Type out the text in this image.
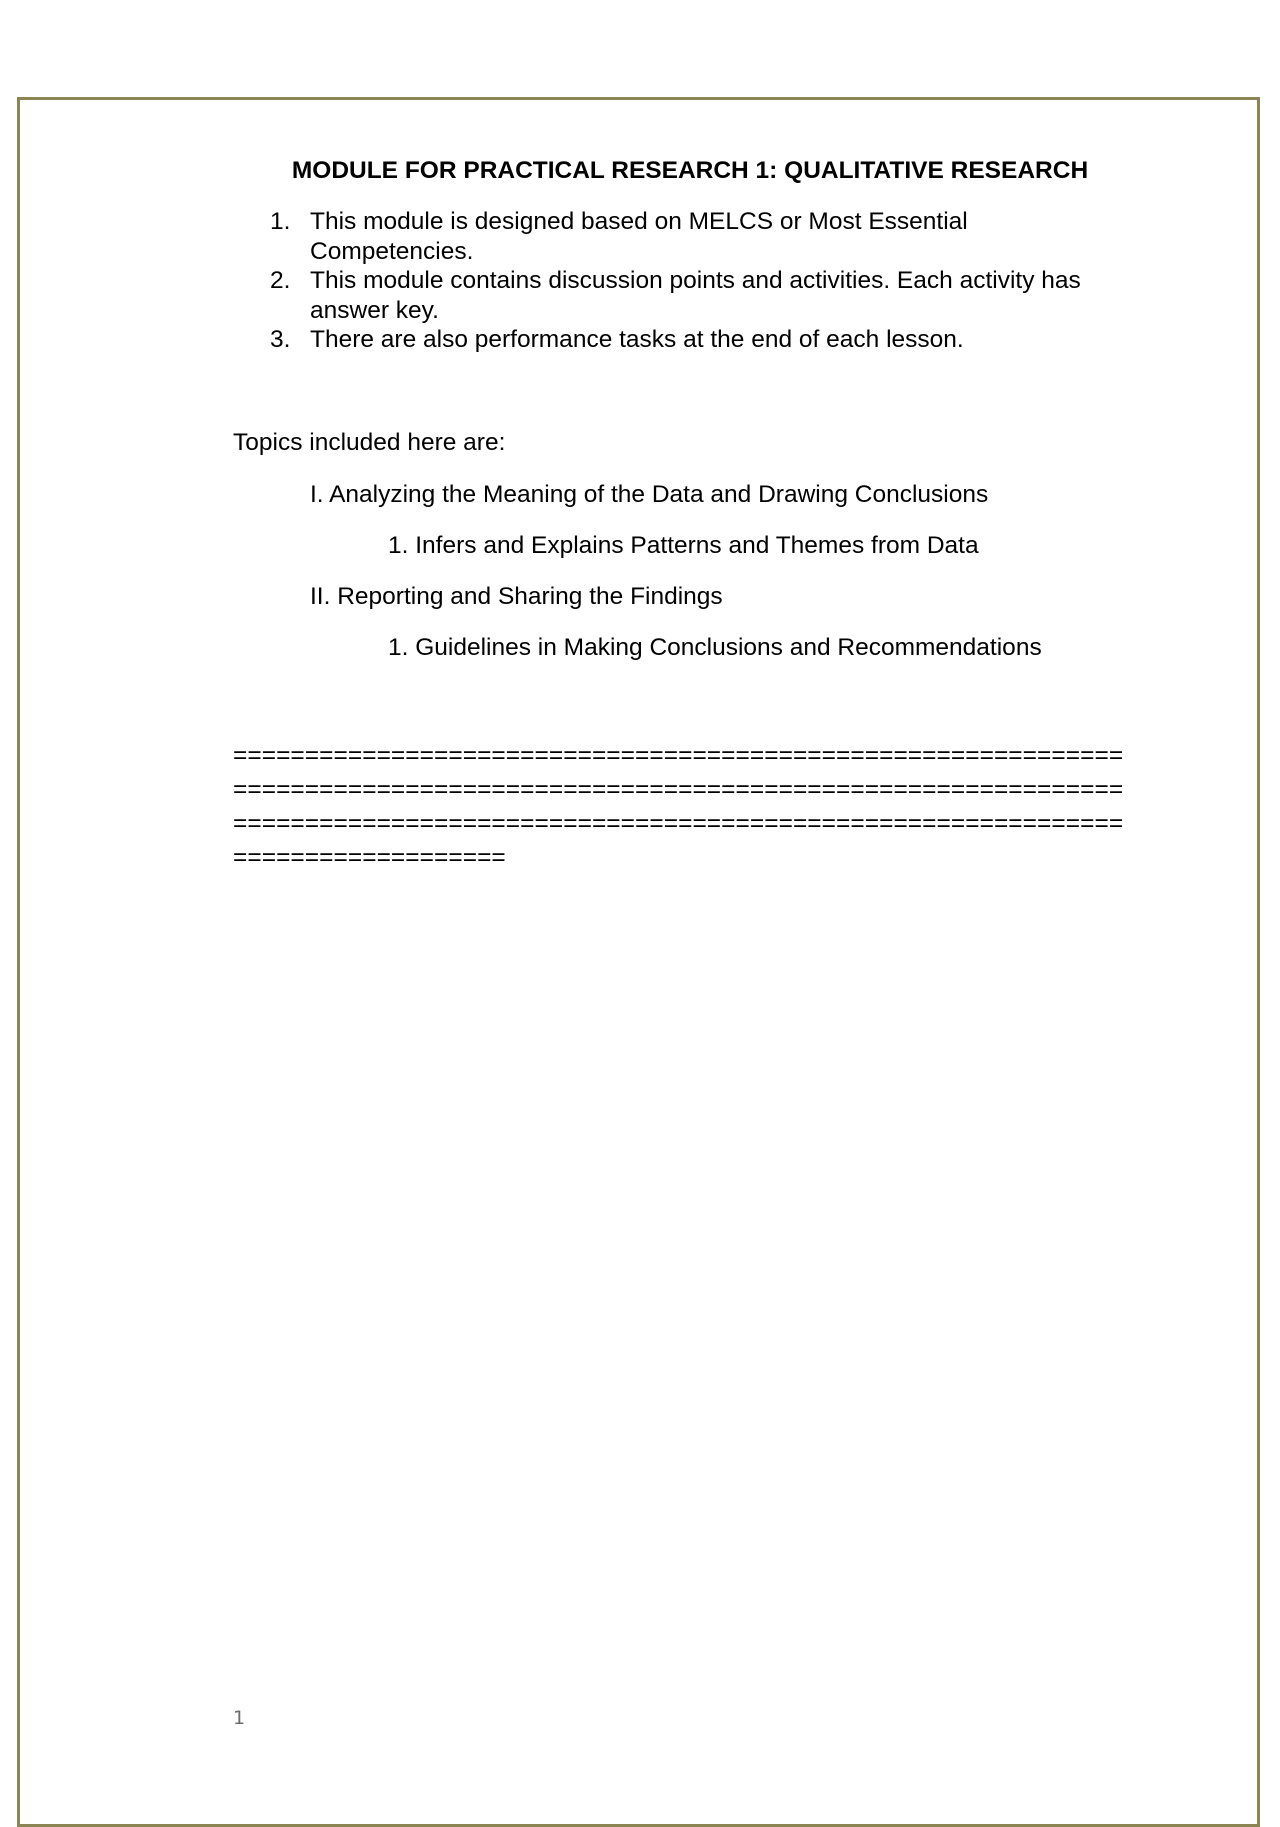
MODULE FOR PRACTICAL RESEARCH 1: QUALITATIVE RESEARCH
1. This module is designed based on MELCS or Most Essential Competencies.
2. This module contains discussion points and activities. Each activity has answer key.
3. There are also performance tasks at the end of each lesson.

Topics included here are:

I. Analyzing the Meaning of the Data and Drawing Conclusions

1. Infers and Explains Patterns and Themes from Data

II. Reporting and Sharing the Findings

1. Guidelines in Making Conclusions and Recommendations

=============================================================================================================================================================================================================

1
